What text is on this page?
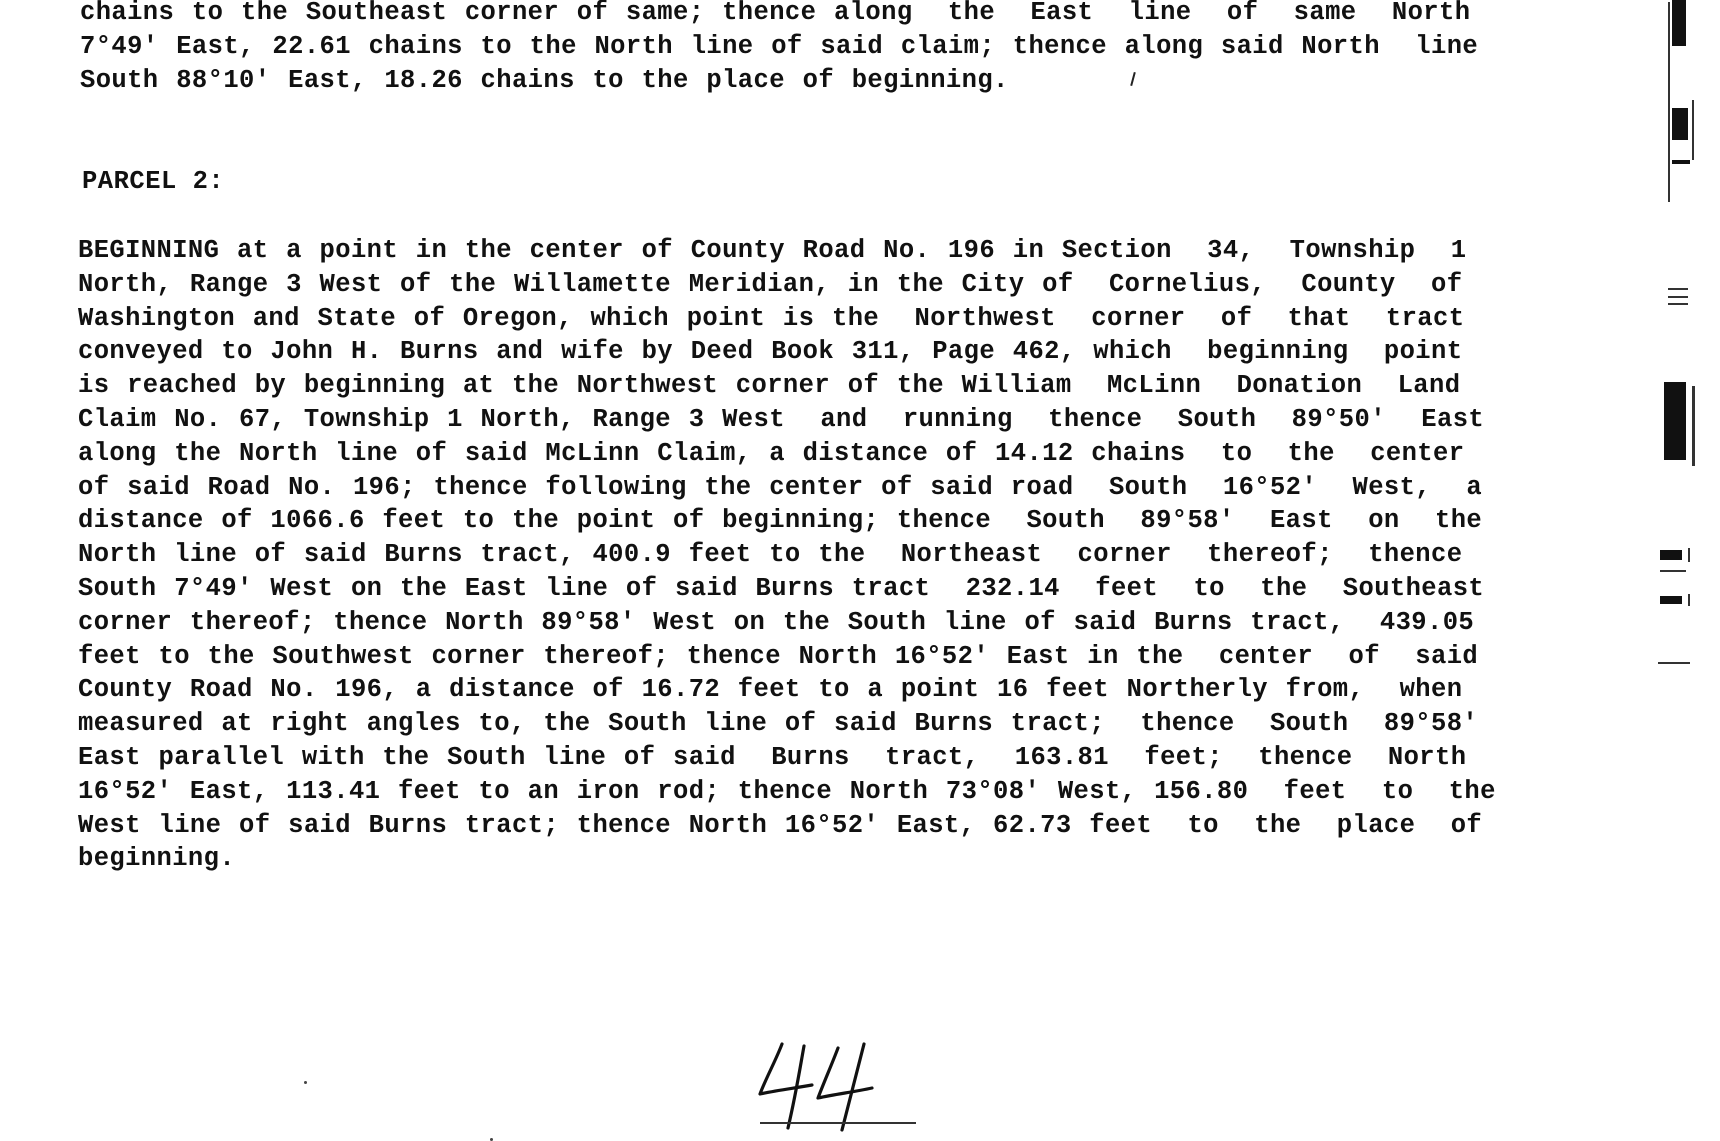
chains to the Southeast corner of same; thence along  the  East  line  of  same  North
7°49′ East, 22.61 chains to the North line of said claim; thence along said North  line
South 88°10′ East, 18.26 chains to the place of beginning.
PARCEL 2:
BEGINNING at a point in the center of County Road No. 196 in Section  34,  Township  1
North, Range 3 West of the Willamette Meridian, in the City of  Cornelius,  County  of
Washington and State of Oregon, which point is the  Northwest  corner  of  that  tract
conveyed to John H. Burns and wife by Deed Book 311, Page 462, which  beginning  point
is reached by beginning at the Northwest corner of the William  McLinn  Donation  Land
Claim No. 67, Township 1 North, Range 3 West  and  running  thence  South  89°50′  East
along the North line of said McLinn Claim, a distance of 14.12 chains  to  the  center
of said Road No. 196; thence following the center of said road  South  16°52′  West,  a
distance of 1066.6 feet to the point of beginning; thence  South  89°58′  East  on  the
North line of said Burns tract, 400.9 feet to the  Northeast  corner  thereof;  thence
South 7°49′ West on the East line of said Burns tract  232.14  feet  to  the  Southeast
corner thereof; thence North 89°58′ West on the South line of said Burns tract,  439.05
feet to the Southwest corner thereof; thence North 16°52′ East in the  center  of  said
County Road No. 196, a distance of 16.72 feet to a point 16 feet Northerly from,  when
measured at right angles to, the South line of said Burns tract;  thence  South  89°58′
East parallel with the South line of said  Burns  tract,  163.81  feet;  thence  North
16°52′ East, 113.41 feet to an iron rod; thence North 73°08′ West, 156.80  feet  to  the
West line of said Burns tract; thence North 16°52′ East, 62.73 feet  to  the  place  of
beginning.
